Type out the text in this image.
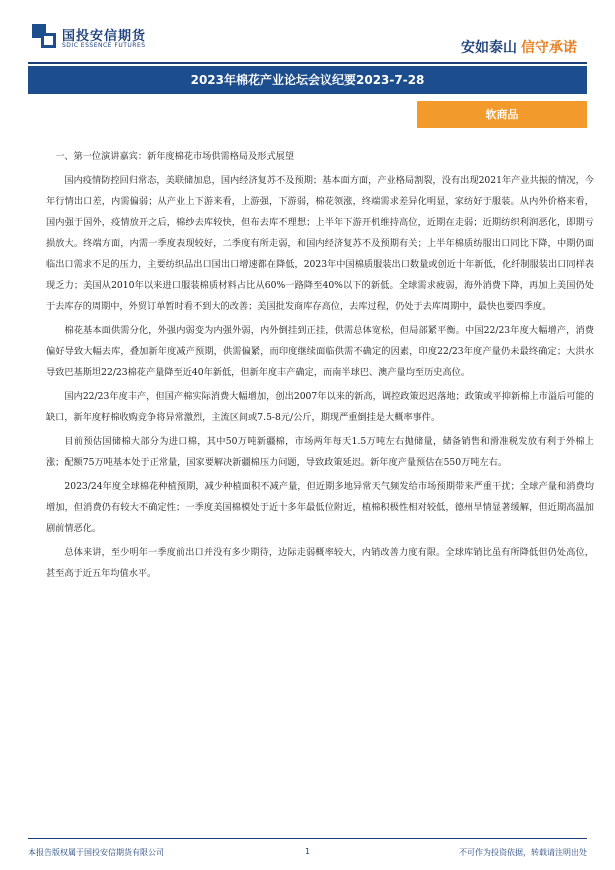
国投安信期货
SDIC ESSENCE FUTURES	安如泰山 信守承诺
2023年棉花产业论坛会议纪要2023-7-28
软商品

一、第一位演讲嘉宾：新年度棉花市场供需格局及形式展望

国内疫情防控回归常态，美联储加息，国内经济复苏不及预期；基本面方面，产业格局割裂，没有出现2021年产业共振的情况，今年行情出口差，内需偏弱；从产业上下游来看，上游强，下游弱，棉花领涨，终端需求差异化明显，家纺好于服装。从内外价格来看，国内强于国外，疫情放开之后，棉纱去库较快，但布去库不理想；上半年下游开机维持高位，近期在走弱；近期纺织利润恶化，即期亏损放大。终端方面，内需一季度表现较好，二季度有所走弱，和国内经济复苏不及预期有关；上半年棉质纺服出口同比下降，中期仍面临出口需求不足的压力，主要纺织品出口国出口增速都在降低，2023年中国棉质服装出口数量或创近十年新低，化纤制服装出口同样表现乏力；美国从2010年以来进口服装棉质材料占比从60%一路降至40%以下的新低。全球需求疲弱，海外消费下降，再加上美国仍处于去库存的周期中，外贸订单暂时看不到大的改善；美国批发商库存高位，去库过程，仍处于去库周期中，最快也要四季度。

棉花基本面供需分化，外强内弱变为内强外弱，内外倒挂到正挂，供需总体宽松，但局部紧平衡。中国22/23年度大幅增产，消费偏好导致大幅去库，叠加新年度减产预期，供需偏紧，而印度继续面临供需不确定的因素，印度22/23年度产量仍未最终确定；大洪水导致巴基斯坦22/23棉花产量降至近40年新低，但新年度丰产确定，而南半球巴、澳产量均至历史高位。

国内22/23年度丰产，但国产棉实际消费大幅增加，创出2007年以来的新高，调控政策迟迟落地；政策或平抑新棉上市溢后可能的缺口，新年度籽棉收购竞争将异常激烈，主流区间或7.5-8元/公斤，期现严重倒挂是大概率事件。

目前预估国储棉大部分为进口棉，其中50万吨新疆棉，市场两年每天1.5万吨左右抛储量，储备销售和滑准税发放有利于外棉上涨；配额75万吨基本处于正常量，国家要解决新疆棉压力问题，导致政策延迟。新年度产量预估在550万吨左右。

2023/24年度全球棉花种植预期，减少种植面积不减产量，但近期多地异常天气频发给市场预期带来严重干扰；全球产量和消费均增加，但消费仍有较大不确定性；一季度美国棉模处于近十多年最低位附近，植棉积极性相对较低，德州旱情显著缓解，但近期高温加剧前情恶化。

总体来讲，至少明年一季度前出口并没有多少期待，边际走弱概率较大，内销改善力度有限。全球库销比虽有所降低但仍处高位，甚至高于近五年均值水平。

本报告版权属于国投安信期货有限公司	1	不可作为投资依据，转载请注明出处
